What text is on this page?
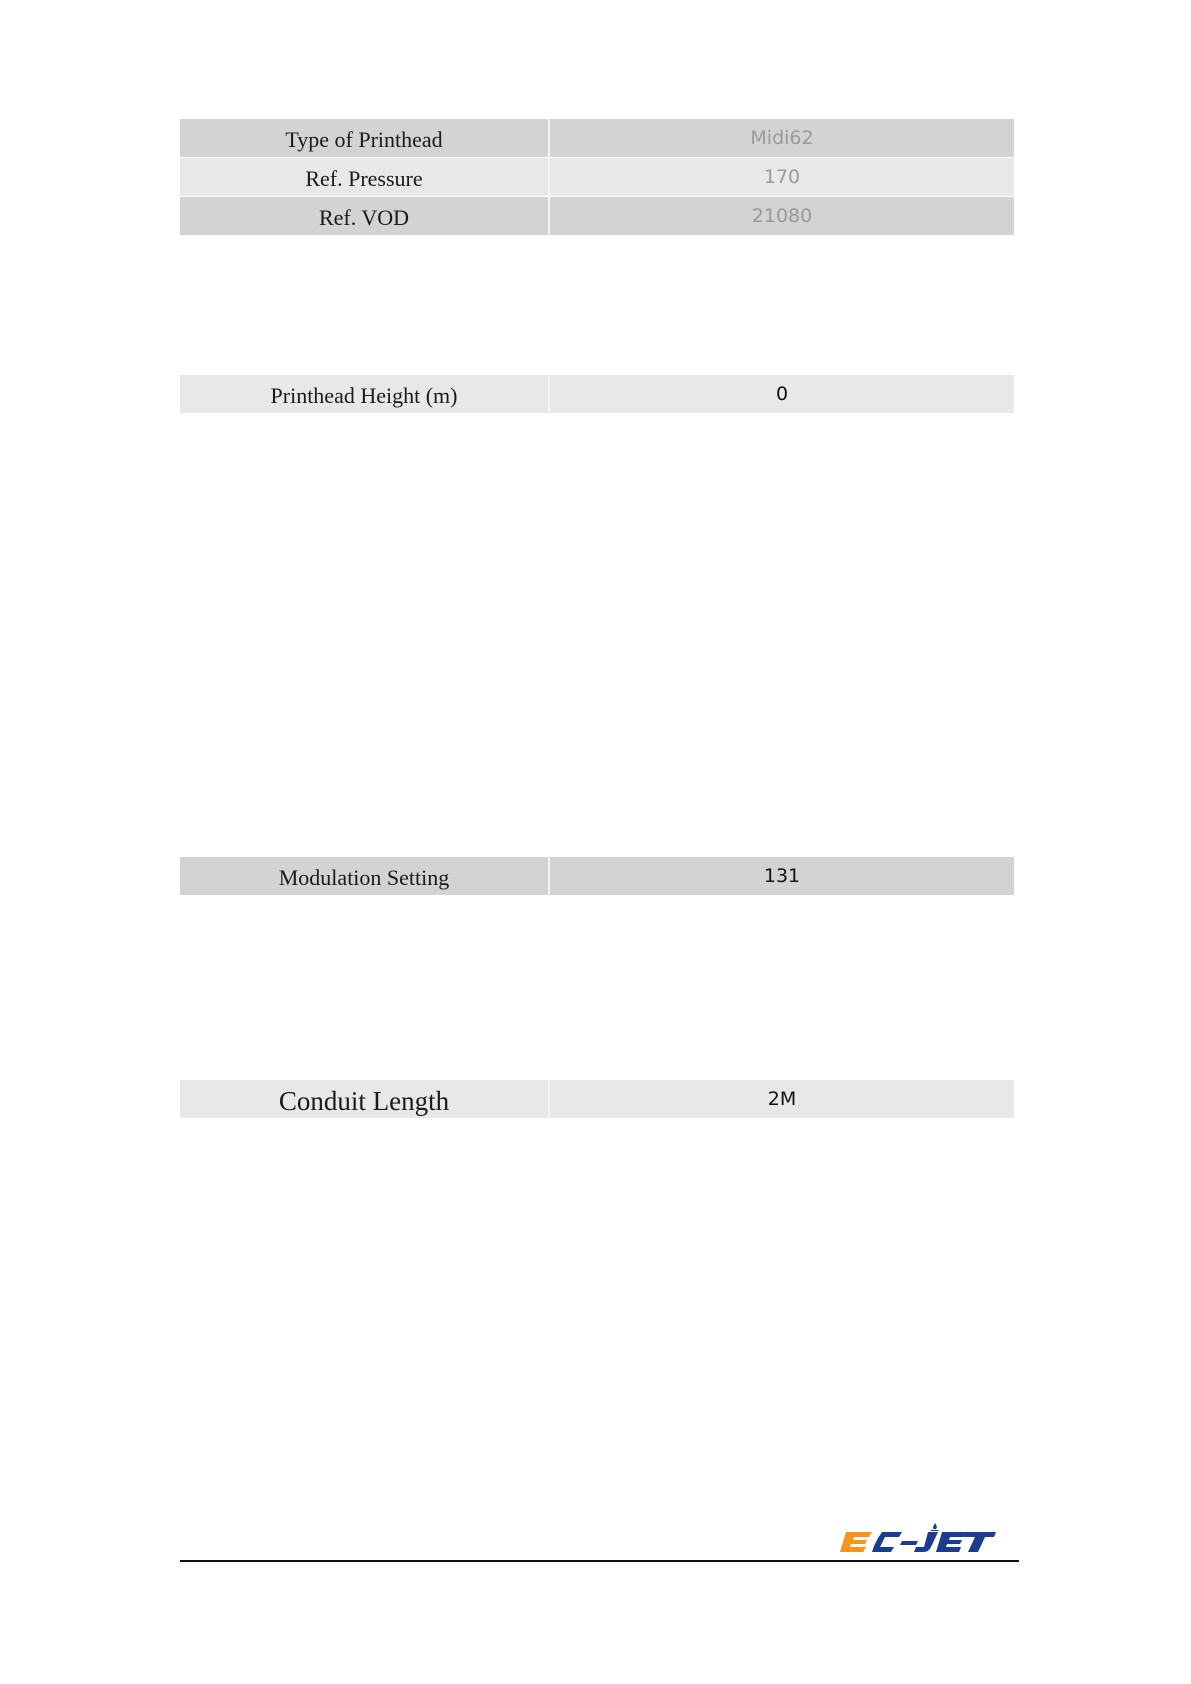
Type of Printhead	Midi62
Ref. Pressure	170
Ref. VOD	21080
Printhead Height (m)	0
Modulation Setting	131
Conduit Length	2M
